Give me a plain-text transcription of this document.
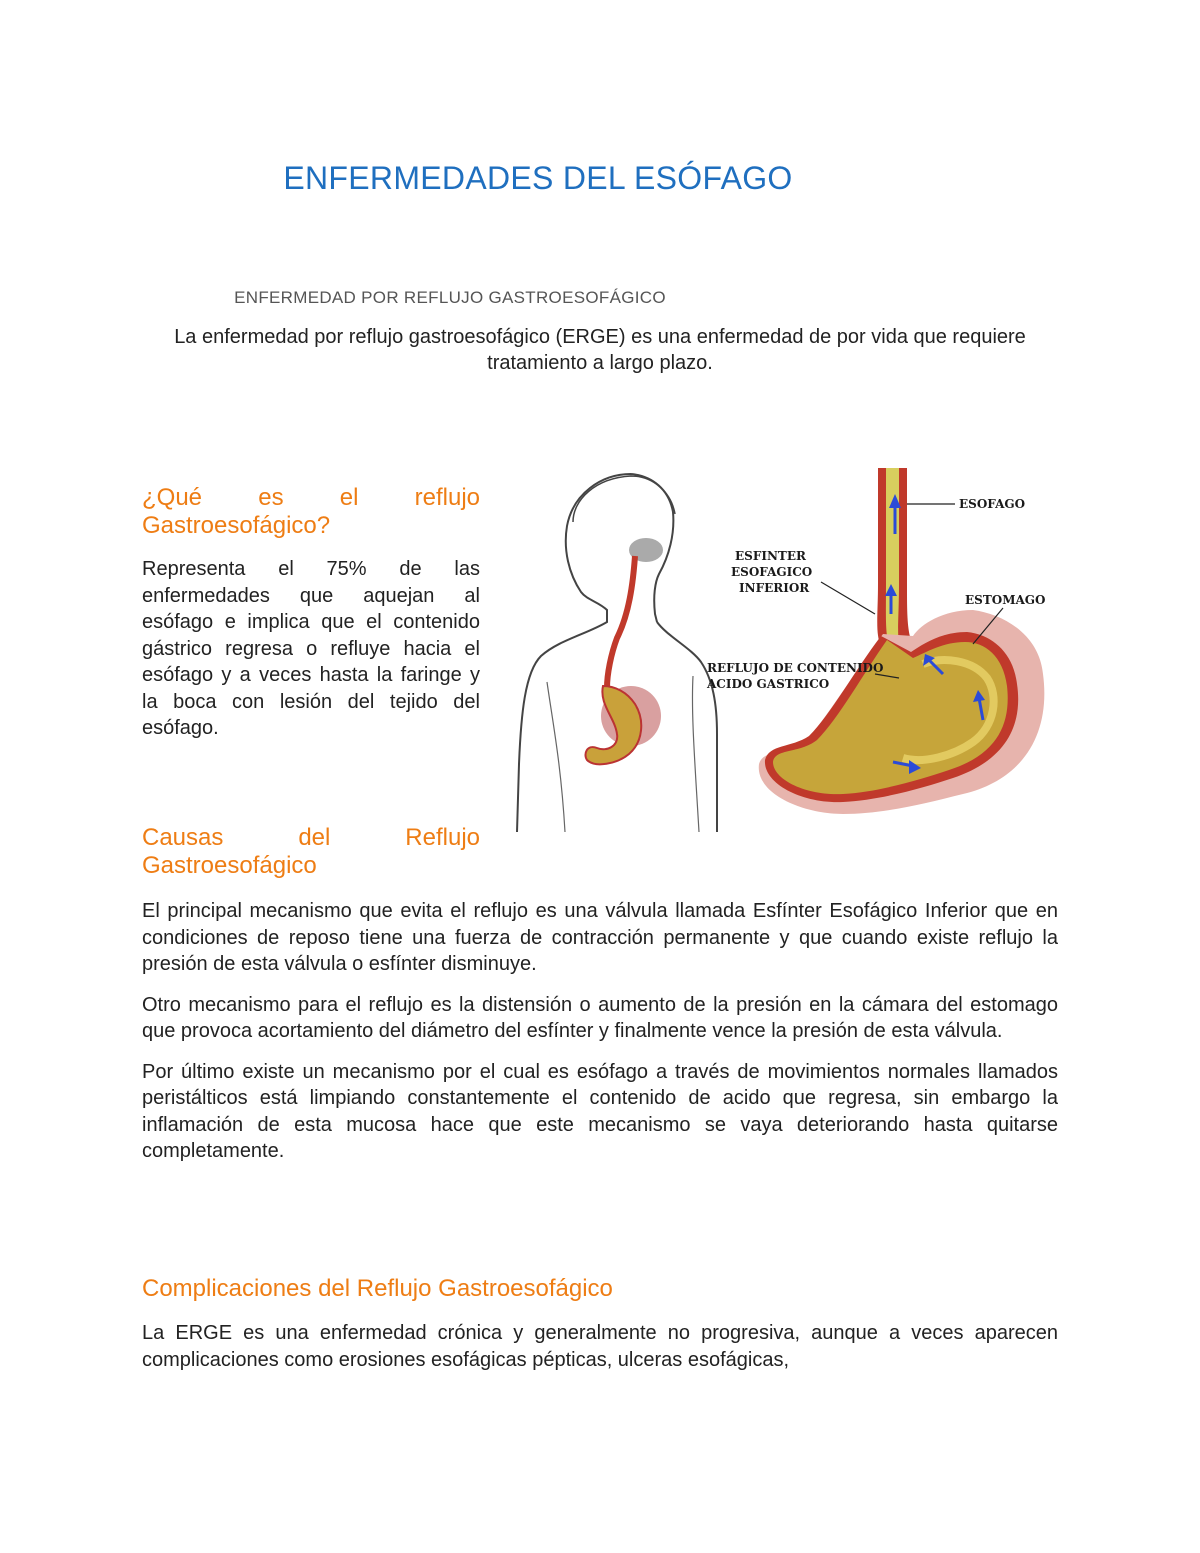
ENFERMEDADES DEL ESÓFAGO

ENFERMEDAD POR REFLUJO GASTROESOFÁGICO

La enfermedad por reflujo gastroesofágico (ERGE) es una enfermedad de por vida que requiere tratamiento a largo plazo.

¿Qué es el reflujo
Gastroesofágico?

Representa el 75% de las enfermedades que aquejan al esófago e implica que el contenido gástrico regresa o refluye hacia el esófago y a veces hasta la faringe y la boca con lesión del tejido del esófago.

ESOFAGO
ESFINTER
ESOFAGICO
INFERIOR
ESTOMAGO
REFLUJO DE CONTENIDO
ACIDO GASTRICO
Causas del Reflujo
Gastroesofágico

El principal mecanismo que evita el reflujo es una válvula llamada Esfínter Esofágico Inferior que en condiciones de reposo tiene una fuerza de contracción permanente y que cuando existe reflujo la presión de esta válvula o esfínter disminuye.

Otro mecanismo para el reflujo es la distensión o aumento de la presión en la cámara del estomago que provoca acortamiento del diámetro del esfínter y finalmente vence la presión de esta válvula.

Por último existe un mecanismo por el cual es esófago a través de movimientos normales llamados peristálticos está limpiando constantemente el contenido de acido que regresa, sin embargo la inflamación de esta mucosa hace que este mecanismo se vaya deteriorando hasta quitarse completamente.

Complicaciones del Reflujo Gastroesofágico

La ERGE es una enfermedad crónica y generalmente no progresiva, aunque a veces aparecen complicaciones como erosiones esofágicas pépticas, ulceras esofágicas,
